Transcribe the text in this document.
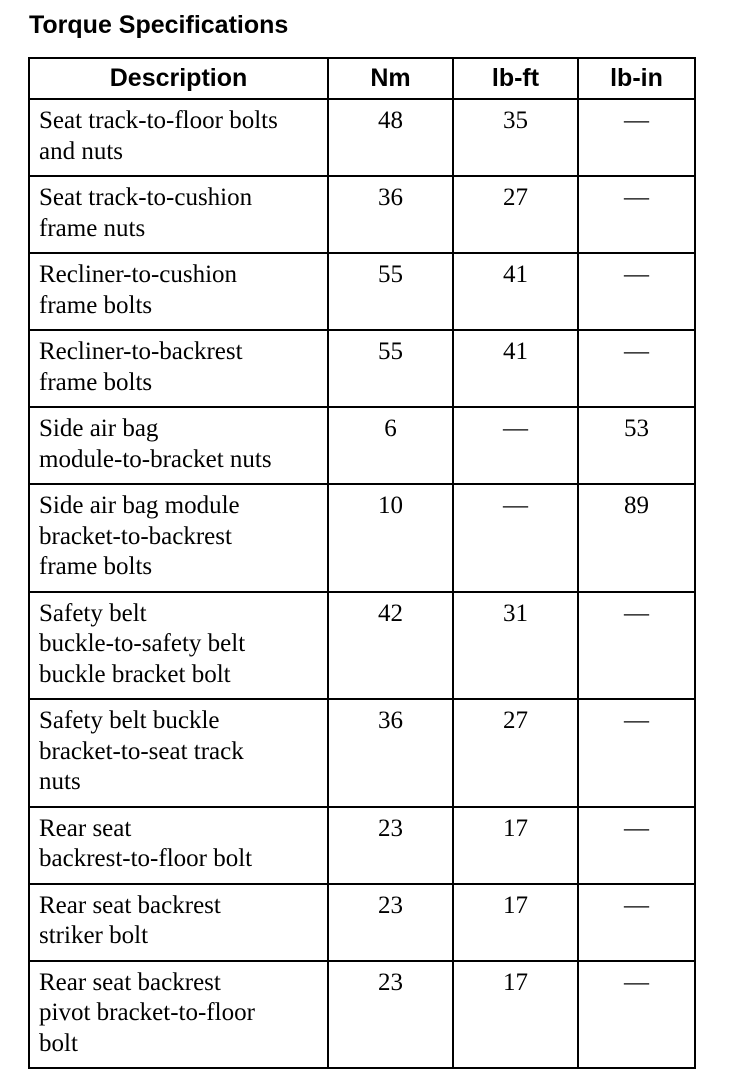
Torque Specifications
Description	Nm	lb-ft	lb-in

Seat track-to-floor bolts
and nuts	48	35	—

Seat track-to-cushion
frame nuts	36	27	—

Recliner-to-cushion
frame bolts	55	41	—

Recliner-to-backrest
frame bolts	55	41	—

Side air bag
module-to-bracket nuts	6	—	53

Side air bag module
bracket-to-backrest
frame bolts	10	—	89

Safety belt
buckle-to-safety belt
buckle bracket bolt	42	31	—

Safety belt buckle
bracket-to-seat track
nuts	36	27	—

Rear seat
backrest-to-floor bolt	23	17	—

Rear seat backrest
striker bolt	23	17	—

Rear seat backrest
pivot bracket-to-floor
bolt	23	17	—
